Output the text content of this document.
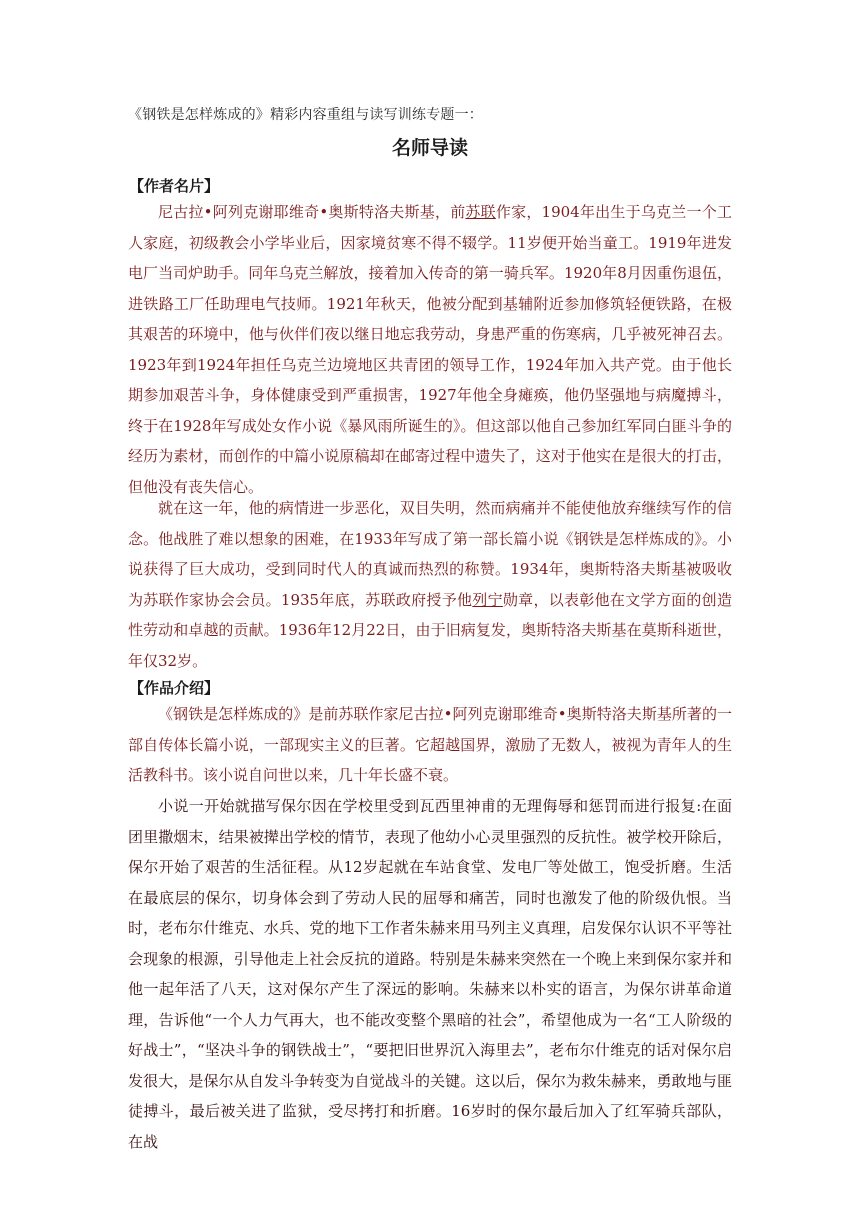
《钢铁是怎样炼成的》精彩内容重组与读写训练专题一：
名师导读
【作者名片】
尼古拉•阿列克谢耶维奇•奥斯特洛夫斯基，前苏联作家，1904年出生于乌克兰一个工人家庭，初级教会小学毕业后，因家境贫寒不得不辍学。11岁便开始当童工。1919年进发电厂当司炉助手。同年乌克兰解放，接着加入传奇的第一骑兵军。1920年8月因重伤退伍，进铁路工厂任助理电气技师。1921年秋天，他被分配到基辅附近参加修筑轻便铁路，在极其艰苦的环境中，他与伙伴们夜以继日地忘我劳动，身患严重的伤寒病，几乎被死神召去。1923年到1924年担任乌克兰边境地区共青团的领导工作，1924年加入共产党。由于他长期参加艰苦斗争，身体健康受到严重损害，1927年他全身瘫痪，他仍坚强地与病魔搏斗，终于在1928年写成处女作小说《暴风雨所诞生的》。但这部以他自己参加红军同白匪斗争的经历为素材，而创作的中篇小说原稿却在邮寄过程中遗失了，这对于他实在是很大的打击，但他没有丧失信心。
就在这一年，他的病情进一步恶化，双目失明，然而病痛并不能使他放弃继续写作的信念。他战胜了难以想象的困难，在1933年写成了第一部长篇小说《钢铁是怎样炼成的》。小说获得了巨大成功，受到同时代人的真诚而热烈的称赞。1934年，奥斯特洛夫斯基被吸收为苏联作家协会会员。1935年底，苏联政府授予他列宁勋章，以表彰他在文学方面的创造性劳动和卓越的贡献。1936年12月22日，由于旧病复发，奥斯特洛夫斯基在莫斯科逝世，年仅32岁。
【作品介绍】
《钢铁是怎样炼成的》是前苏联作家尼古拉•阿列克谢耶维奇•奥斯特洛夫斯基所著的一部自传体长篇小说，一部现实主义的巨著。它超越国界，激励了无数人，被视为青年人的生活教科书。该小说自问世以来，几十年长盛不衰。
小说一开始就描写保尔因在学校里受到瓦西里神甫的无理侮辱和惩罚而进行报复:在面团里撒烟末，结果被撵出学校的情节，表现了他幼小心灵里强烈的反抗性。被学校开除后，保尔开始了艰苦的生活征程。从12岁起就在车站食堂、发电厂等处做工，饱受折磨。生活在最底层的保尔，切身体会到了劳动人民的屈辱和痛苦，同时也激发了他的阶级仇恨。当时，老布尔什维克、水兵、党的地下工作者朱赫来用马列主义真理，启发保尔认识不平等社会现象的根源，引导他走上社会反抗的道路。特别是朱赫来突然在一个晚上来到保尔家并和他一起年活了八天，这对保尔产生了深远的影响。朱赫来以朴实的语言，为保尔讲革命道理，告诉他“一个人力气再大，也不能改变整个黑暗的社会”，希望他成为一名“工人阶级的好战士”，“坚决斗争的钢铁战士”，“要把旧世界沉入海里去”，老布尔什维克的话对保尔启发很大，是保尔从自发斗争转变为自觉战斗的关键。这以后，保尔为救朱赫来，勇敢地与匪徒搏斗，最后被关进了监狱，受尽拷打和折磨。16岁时的保尔最后加入了红军骑兵部队，在战
